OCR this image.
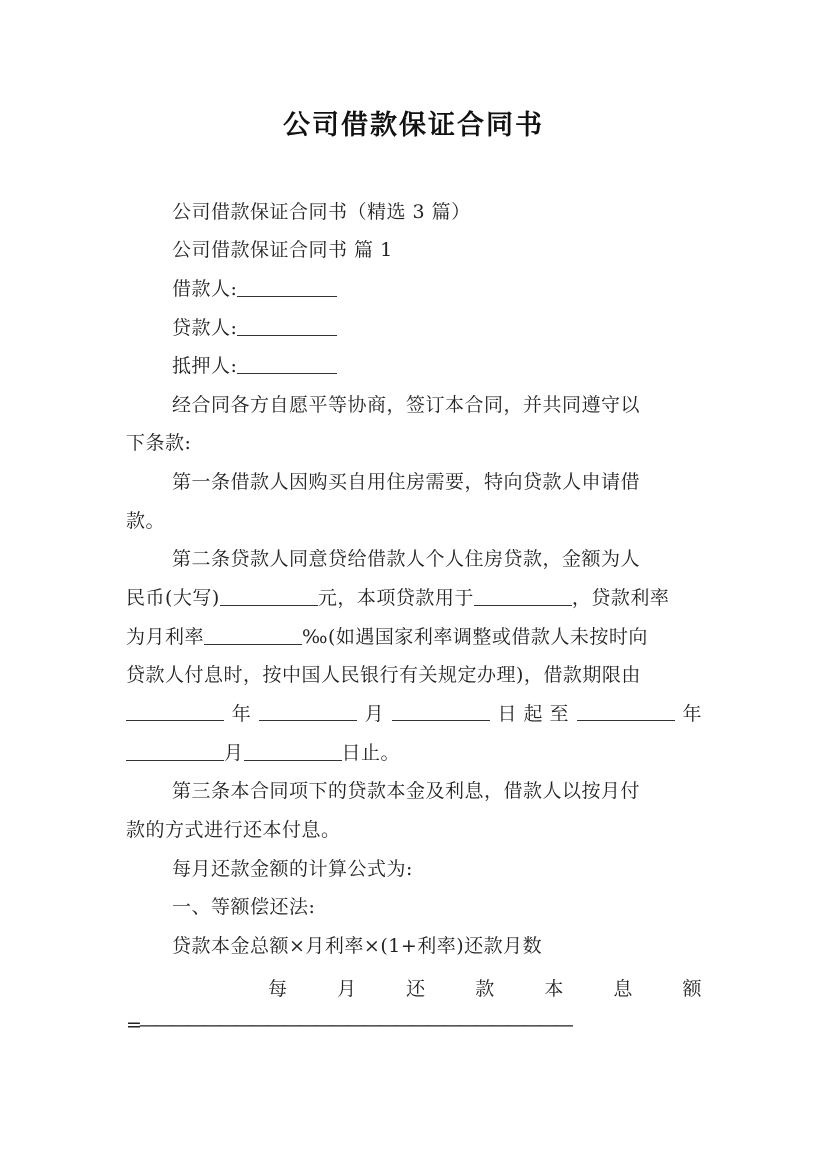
公司借款保证合同书
公司借款保证合同书（精选 3 篇）
公司借款保证合同书 篇 1
借款人:
贷款人:
抵押人:
经合同各方自愿平等协商，签订本合同，并共同遵守以
下条款:
第一条借款人因购买自用住房需要，特向贷款人申请借
款。
第二条贷款人同意贷给借款人个人住房贷款，金额为人
民币(大写)	元，本项贷款用于	，贷款利率
为月利率	‰(如遇国家利率调整或借款人未按时向
贷款人付息时，按中国人民银行有关规定办理)，借款期限由
年	月	日 起 至	年
月	日止。
第三条本合同项下的贷款本金及利息，借款人以按月付
款的方式进行还本付息。
每月还款金额的计算公式为:
一、等额偿还法:
贷款本金总额×月利率×(1+利率)还款月数
每	月	还	款	本	息	额
=———————————————————————————
